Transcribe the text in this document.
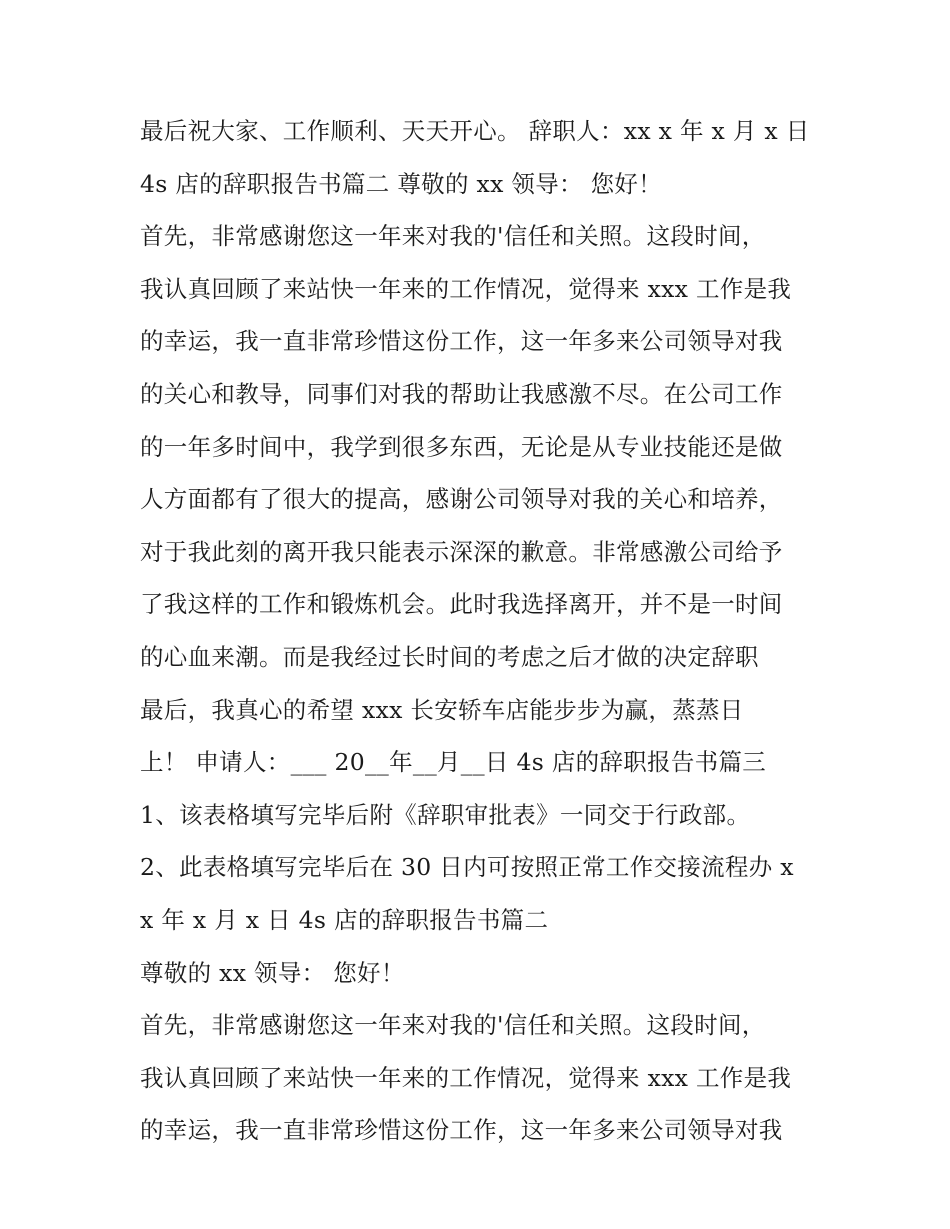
最后祝大家、工作顺利、天天开心。 辞职人：xx x 年 x 月 x 日
4s 店的辞职报告书篇二 尊敬的 xx 领导： 您好！
首先，非常感谢您这一年来对我的'信任和关照。这段时间，
我认真回顾了来站快一年来的工作情况，觉得来 xxx 工作是我
的幸运，我一直非常珍惜这份工作，这一年多来公司领导对我
的关心和教导，同事们对我的帮助让我感激不尽。在公司工作
的一年多时间中，我学到很多东西，无论是从专业技能还是做
人方面都有了很大的提高，感谢公司领导对我的关心和培养，
对于我此刻的离开我只能表示深深的歉意。非常感激公司给予
了我这样的工作和锻炼机会。此时我选择离开，并不是一时间
的心血来潮。而是我经过长时间的考虑之后才做的决定辞职
最后，我真心的希望 xxx 长安轿车店能步步为赢，蒸蒸日
上！ 申请人：___ 20__年__月__日 4s 店的辞职报告书篇三
1、该表格填写完毕后附《辞职审批表》一同交于行政部。
2、此表格填写完毕后在 30 日内可按照正常工作交接流程办 x
x 年 x 月 x 日 4s 店的辞职报告书篇二
尊敬的 xx 领导： 您好！
首先，非常感谢您这一年来对我的'信任和关照。这段时间，
我认真回顾了来站快一年来的工作情况，觉得来 xxx 工作是我
的幸运，我一直非常珍惜这份工作，这一年多来公司领导对我
